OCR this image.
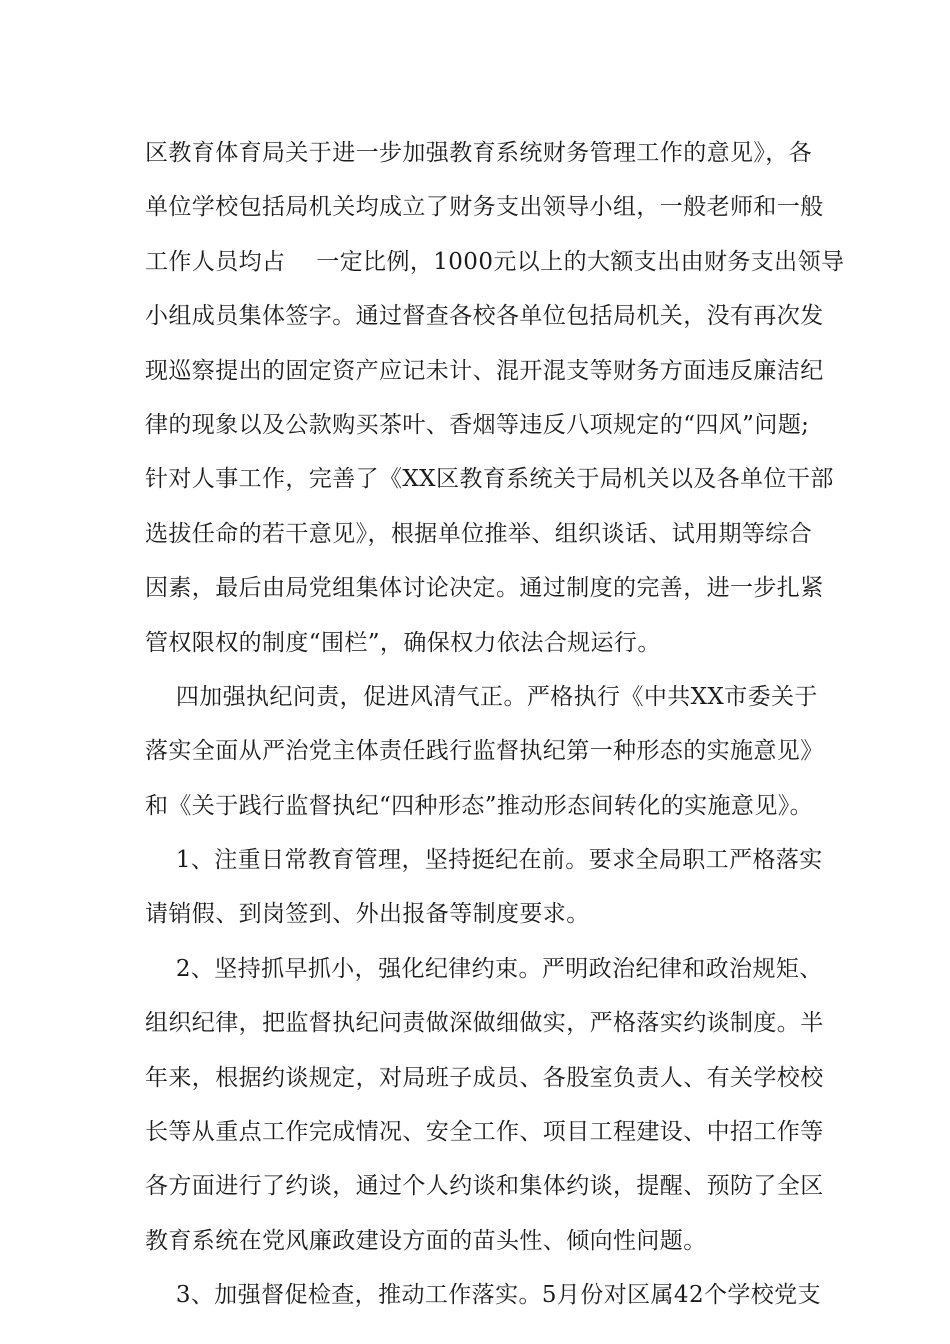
区教育体育局关于进一步加强教育系统财务管理工作的意见》，各
单位学校包括局机关均成立了财务支出领导小组，一般老师和一般
工作人员均占    一定比例，1000元以上的大额支出由财务支出领导
小组成员集体签字。通过督查各校各单位包括局机关，没有再次发
现巡察提出的固定资产应记未计、混开混支等财务方面违反廉洁纪
律的现象以及公款购买茶叶、香烟等违反八项规定的“四风”问题;
针对人事工作，完善了《XX区教育系统关于局机关以及各单位干部
选拔任命的若干意见》，根据单位推举、组织谈话、试用期等综合
因素，最后由局党组集体讨论决定。通过制度的完善，进一步扎紧
管权限权的制度“围栏”，确保权力依法合规运行。
四加强执纪问责，促进风清气正。严格执行《中共XX市委关于
落实全面从严治党主体责任践行监督执纪第一种形态的实施意见》
和《关于践行监督执纪“四种形态”推动形态间转化的实施意见》。
1、注重日常教育管理，坚持挺纪在前。要求全局职工严格落实
请销假、到岗签到、外出报备等制度要求。
2、坚持抓早抓小，强化纪律约束。严明政治纪律和政治规矩、
组织纪律，把监督执纪问责做深做细做实，严格落实约谈制度。半
年来，根据约谈规定，对局班子成员、各股室负责人、有关学校校
长等从重点工作完成情况、安全工作、项目工程建设、中招工作等
各方面进行了约谈，通过个人约谈和集体约谈，提醒、预防了全区
教育系统在党风廉政建设方面的苗头性、倾向性问题。
3、加强督促检查，推动工作落实。5月份对区属42个学校党支
